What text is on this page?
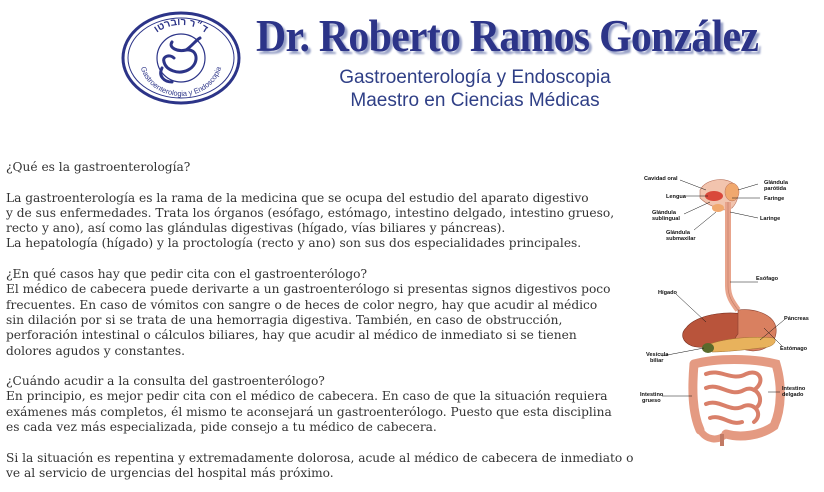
ד״ר רוברטו
Gastroenterologia y Endoscopia
Dr. Roberto Ramos González
Gastroenterología y Endoscopia
Maestro en Ciencias Médicas

¿Qué es la gastroenterología?

La gastroenterología es la rama de la medicina que se ocupa del estudio del aparato digestivo

y de sus enfermedades. Trata los órganos (esófago, estómago, intestino delgado, intestino grueso,

recto y ano), así como las glándulas digestivas (hígado, vías biliares y páncreas).

La hepatología (hígado) y la proctología (recto y ano) son sus dos especialidades principales.

¿En qué casos hay que pedir cita con el gastroenterólogo?

El médico de cabecera puede derivarte a un gastroenterólogo si presentas signos digestivos poco

frecuentes. En caso de vómitos con sangre o de heces de color negro, hay que acudir al médico

sin dilación por si se trata de una hemorragia digestiva. También, en caso de obstrucción,

perforación intestinal o cálculos biliares, hay que acudir al médico de inmediato si se tienen

dolores agudos y constantes.

¿Cuándo acudir a la consulta del gastroenterólogo?

En principio, es mejor pedir cita con el médico de cabecera. En caso de que la situación requiera

exámenes más completos, él mismo te aconsejará un gastroenterólogo. Puesto que esta disciplina

es cada vez más especializada, pide consejo a tu médico de cabecera.

Si la situación es repentina y extremadamente dolorosa, acude al médico de cabecera de inmediato o

ve al servicio de urgencias del hospital más próximo.

Cavidad oral
Glándula
parótida
Faringe
Lengua
Glándula
sublingual	Laringe
Glándula
submaxilar
Esófago
Hígado
Páncreas
Estómago
Vesícula
biliar
Intestino
grueso
Intestino
delgado
